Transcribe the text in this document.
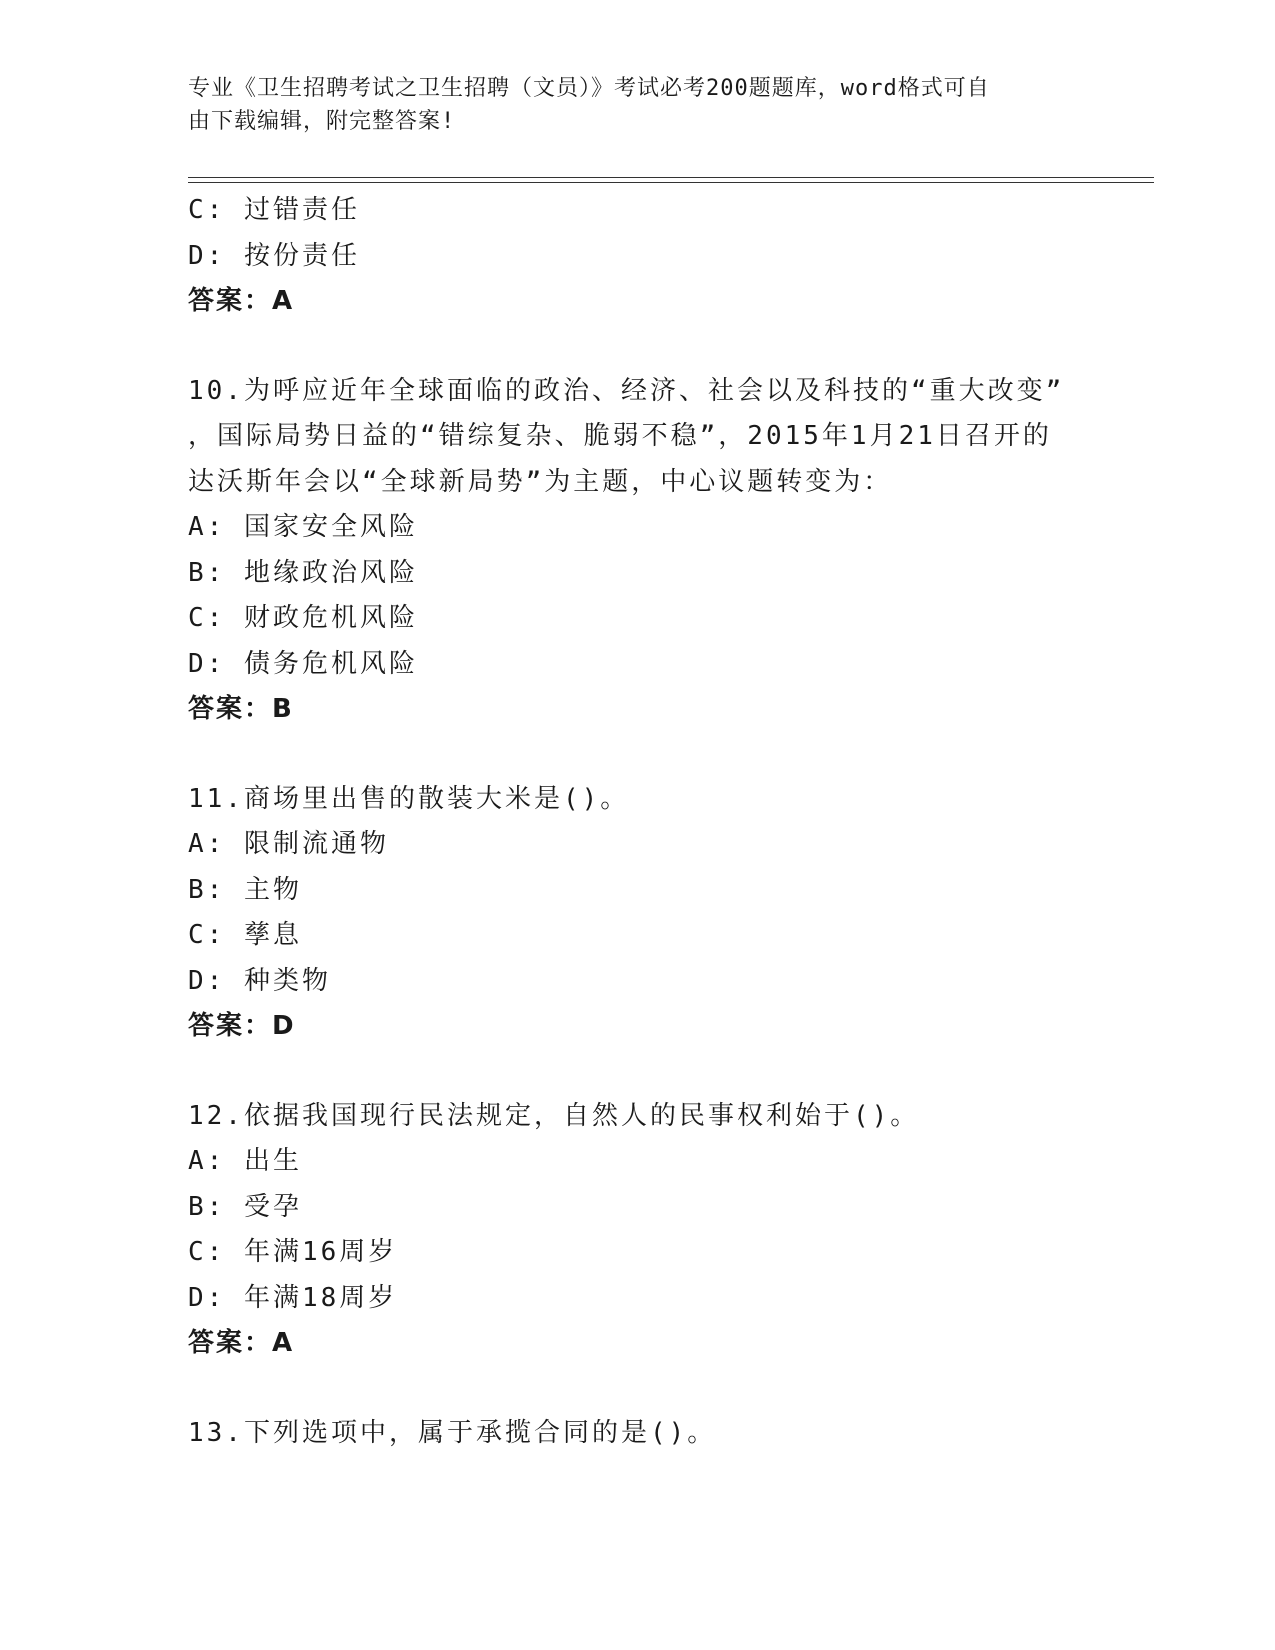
专业《卫生招聘考试之卫生招聘（文员）》考试必考200题题库，word格式可自
由下载编辑，附完整答案!
C: 过错责任
D: 按份责任
答案：A
10.为呼应近年全球面临的政治、经济、社会以及科技的“重大改变”
，国际局势日益的“错综复杂、脆弱不稳”，2015年1月21日召开的
达沃斯年会以“全球新局势”为主题，中心议题转变为：
A: 国家安全风险
B: 地缘政治风险
C: 财政危机风险
D: 债务危机风险
答案：B
11.商场里出售的散装大米是()。
A: 限制流通物
B: 主物
C: 孳息
D: 种类物
答案：D
12.依据我国现行民法规定，自然人的民事权利始于()。
A: 出生
B: 受孕
C: 年满16周岁
D: 年满18周岁
答案：A
13.下列选项中，属于承揽合同的是()。
